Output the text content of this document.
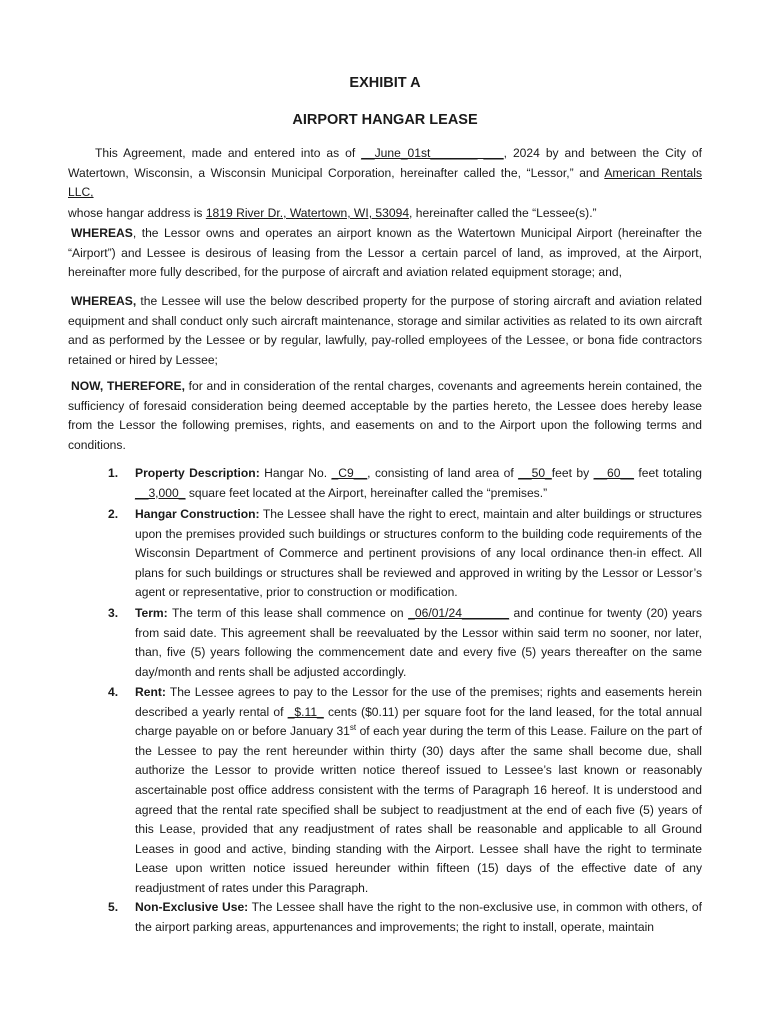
EXHIBIT A
AIRPORT HANGAR LEASE
This Agreement, made and entered into as of __June_01st_______ ___, 2024 by and between the City of Watertown, Wisconsin, a Wisconsin Municipal Corporation, hereinafter called the, “Lessor,” and American Rentals LLC,
whose hangar address is 1819 River Dr., Watertown, WI, 53094, hereinafter called the “Lessee(s).”
WHEREAS, the Lessor owns and operates an airport known as the Watertown Municipal Airport (hereinafter the “Airport”) and Lessee is desirous of leasing from the Lessor a certain parcel of land, as improved, at the Airport, hereinafter more fully described, for the purpose of aircraft and aviation related equipment storage; and,
WHEREAS, the Lessee will use the below described property for the purpose of storing aircraft and aviation related equipment and shall conduct only such aircraft maintenance, storage and similar activities as related to its own aircraft and as performed by the Lessee or by regular, lawfully, pay-rolled employees of the Lessee, or bona fide contractors retained or hired by Lessee;
NOW, THEREFORE, for and in consideration of the rental charges, covenants and agreements herein contained, the sufficiency of foresaid consideration being deemed acceptable by the parties hereto, the Lessee does hereby lease from the Lessor the following premises, rights, and easements on and to the Airport upon the following terms and conditions.
1. Property Description: Hangar No. _C9__, consisting of land area of __50_feet by __60__ feet totaling __3,000_ square feet located at the Airport, hereinafter called the “premises.”
2. Hangar Construction: The Lessee shall have the right to erect, maintain and alter buildings or structures upon the premises provided such buildings or structures conform to the building code requirements of the Wisconsin Department of Commerce and pertinent provisions of any local ordinance then-in effect. All plans for such buildings or structures shall be reviewed and approved in writing by the Lessor or Lessor’s agent or representative, prior to construction or modification.
3. Term: The term of this lease shall commence on _06/01/24_______ and continue for twenty (20) years from said date. This agreement shall be reevaluated by the Lessor within said term no sooner, nor later, than, five (5) years following the commencement date and every five (5) years thereafter on the same day/month and rents shall be adjusted accordingly.
4. Rent: The Lessee agrees to pay to the Lessor for the use of the premises; rights and easements herein described a yearly rental of _$.11_ cents ($0.11) per square foot for the land leased, for the total annual charge payable on or before January 31st of each year during the term of this Lease. Failure on the part of the Lessee to pay the rent hereunder within thirty (30) days after the same shall become due, shall authorize the Lessor to provide written notice thereof issued to Lessee’s last known or reasonably ascertainable post office address consistent with the terms of Paragraph 16 hereof. It is understood and agreed that the rental rate specified shall be subject to readjustment at the end of each five (5) years of this Lease, provided that any readjustment of rates shall be reasonable and applicable to all Ground Leases in good and active, binding standing with the Airport. Lessee shall have the right to terminate Lease upon written notice issued hereunder within fifteen (15) days of the effective date of any readjustment of rates under this Paragraph.
5. Non-Exclusive Use: The Lessee shall have the right to the non-exclusive use, in common with others, of the airport parking areas, appurtenances and improvements; the right to install, operate, maintain
